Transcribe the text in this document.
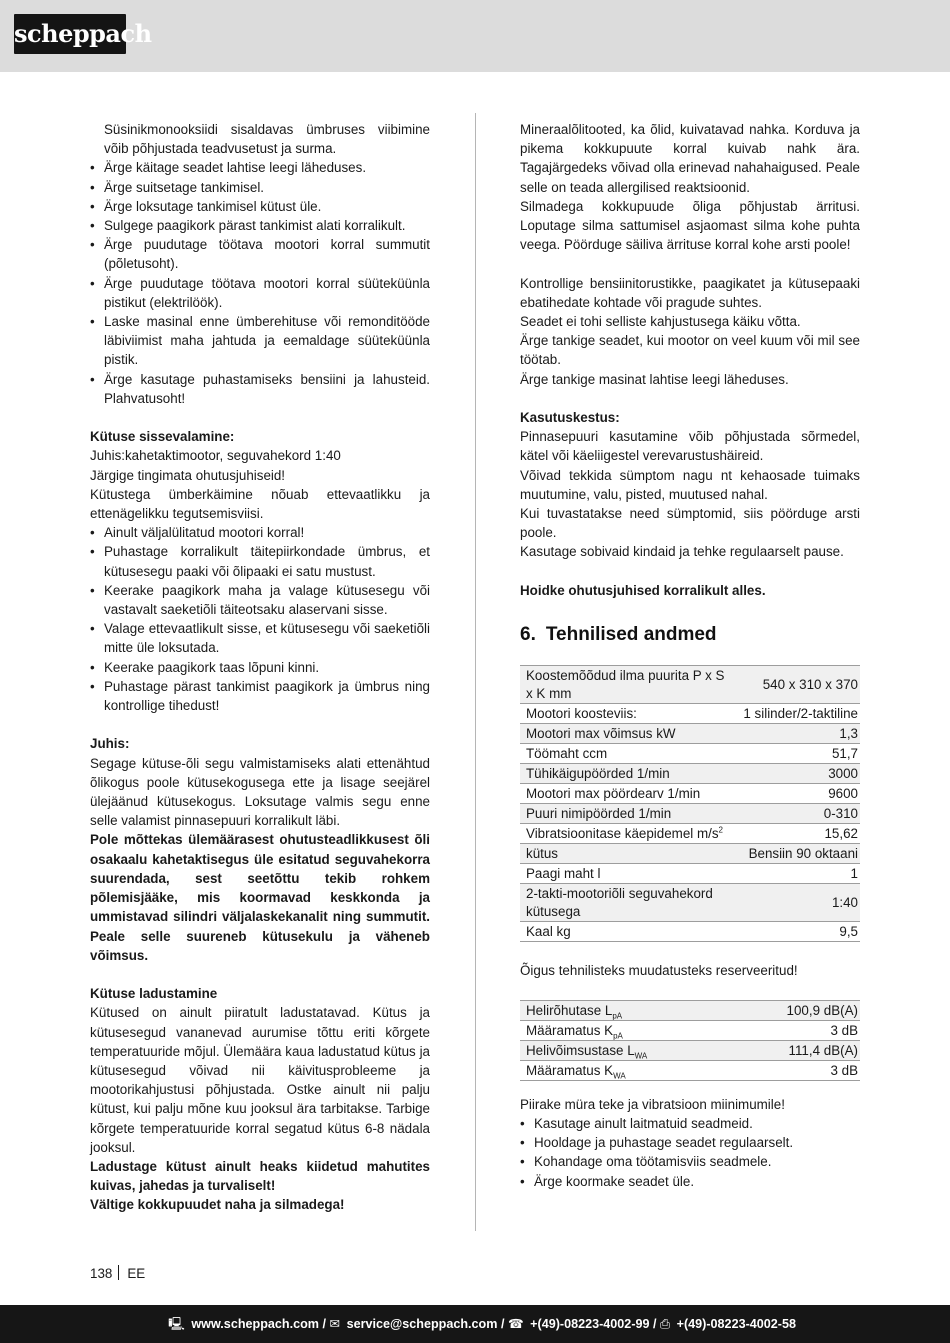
scheppach
Süsinikmonooksiidi sisaldavas ümbruses viibimine võib põhjustada teadvusetust ja surma.
• Ärge käitage seadet lahtise leegi läheduses.
• Ärge suitsetage tankimisel.
• Ärge loksutage tankimisel kütust üle.
• Sulgege paagikork pärast tankimist alati korralikult.
• Ärge puudutage töötava mootori korral summutit (põletusoht).
• Ärge puudutage töötava mootori korral süüteküünla pistikut (elektrilöök).
• Laske masinal enne ümberehituse või remonditööde läbiviimist maha jahtuda ja eemaldage süüteküünla pistik.
• Ärge kasutage puhastamiseks bensiini ja lahusteid. Plahvatusoht!
Kütuse sissevalamine:
Juhis:kahetaktimootor, seguvahekord 1:40
Järgige tingimata ohutusjuhiseid!
Kütustega ümberkäimine nõuab ettevaatlikku ja ettenägelikku tegutsemisviisi.
• Ainult väljalülitatud mootori korral!
• Puhastage korralikult täitepiirkondade ümbrus, et kütusesegu paaki või õlipaaki ei satu mustust.
• Keerake paagikork maha ja valage kütusesegu või vastavalt saeketiõli täiteotsaku alaservani sisse.
• Valage ettevaatlikult sisse, et kütusesegu või saeketiõli mitte üle loksutada.
• Keerake paagikork taas lõpuni kinni.
• Puhastage pärast tankimist paagikork ja ümbrus ning kontrollige tihedust!
Juhis:
Segage kütuse-õli segu valmistamiseks alati ettenähtud õlikogus poole kütusekogusega ette ja lisage seejärel ülejäänud kütusekogus. Loksutage valmis segu enne selle valamist pinnasepuuri korralikult läbi.
Pole mõttekas ülemäärasest ohutusteadlikkusest õli osakaalu kahetaktisegus üle esitatud seguvahekorra suurendada, sest seetõttu tekib rohkem põlemisjääke, mis koormavad keskkonda ja ummistavad silindri väljalaskekanalit ning summutit. Peale selle suureneb kütusekulu ja väheneb võimsus.
Kütuse ladustamine
Kütused on ainult piiratult ladustatavad. Kütus ja kütusesegud vananevad aurumise tõttu eriti kõrgete temperatuuride mõjul. Ülemäära kaua ladustatud kütus ja kütusesegud võivad nii käivitusprobleeme ja mootorikahjustusi põhjustada. Ostke ainult nii palju kütust, kui palju mõne kuu jooksul ära tarbitakse. Tarbige kõrgete temperatuuride korral segatud kütus 6-8 nädala jooksul.
Ladustage kütust ainult heaks kiidetud mahutites kuivas, jahedas ja turvaliselt!
Vältige kokkupuudet naha ja silmadega!
Mineraalõlitooted, ka õlid, kuivatavad nahka. Korduva ja pikema kokkupuute korral kuivab nahk ära. Tagajärgedeks võivad olla erinevad nahahaigused. Peale selle on teada allergilised reaktsioonid.
Silmadega kokkupuude õliga põhjustab ärritusi. Loputage silma sattumisel asjaomast silma kohe puhta veega. Pöörduge säiliva ärrituse korral kohe arsti poole!
Kontrollige bensiinitorustikke, paagikatet ja kütusepaaki ebatihedate kohtade või pragude suhtes.
Seadet ei tohi selliste kahjustusega käiku võtta.
Ärge tankige seadet, kui mootor on veel kuum või mil see töötab.
Ärge tankige masinat lahtise leegi läheduses.
Kasutuskestus:
Pinnasepuuri kasutamine võib põhjustada sõrmedel, kätel või käeliigestel verevarustushäireid.
Võivad tekkida sümptom nagu nt kehaosade tuimaks muutumine, valu, pisted, muutused nahal.
Kui tuvastatakse need sümptomid, siis pöörduge arsti poole.
Kasutage sobivaid kindaid ja tehke regulaarselt pause.
Hoidke ohutusjuhised korralikult alles.
6. Tehnilised andmed
Koostemõõdud ilma puurita P x S x K mm	540 x 310 x 370
Mootori koosteviis:	1 silinder/2-taktiline
Mootori max võimsus kW	1,3
Töömaht ccm	51,7
Tühikäigupöörded 1/min	3000
Mootori max pöördearv 1/min	9600
Puuri nimipöörded 1/min	0-310
Vibratsioonitase käepidemel $m/s^2$	15,62
kütus	Bensiin 90 oktaani
Paagi maht l	1
2-takti-mootoriõli seguvahekord kütusega	1:40
Kaal kg	9,5
Õigus tehnilisteks muudatusteks reserveeritud!
Helirõhutase $L_{pA}$	100,9 dB(A)
Määramatus $K_{pA}$	3 dB
Helivõimsustase $L_{WA}$	111,4 dB(A)
Määramatus $K_{WA}$	3 dB
Piirake müra teke ja vibratsioon miinimumile!
• Kasutage ainult laitmatuid seadmeid.
• Hooldage ja puhastage seadet regulaarselt.
• Kohandage oma töötamisviis seadmele.
• Ärge koormake seadet üle.
138 EE
🖳 www.scheppach.com / ✉ service@scheppach.com / ☎ +(49)-08223-4002-99 / ⎙ +(49)-08223-4002-58
